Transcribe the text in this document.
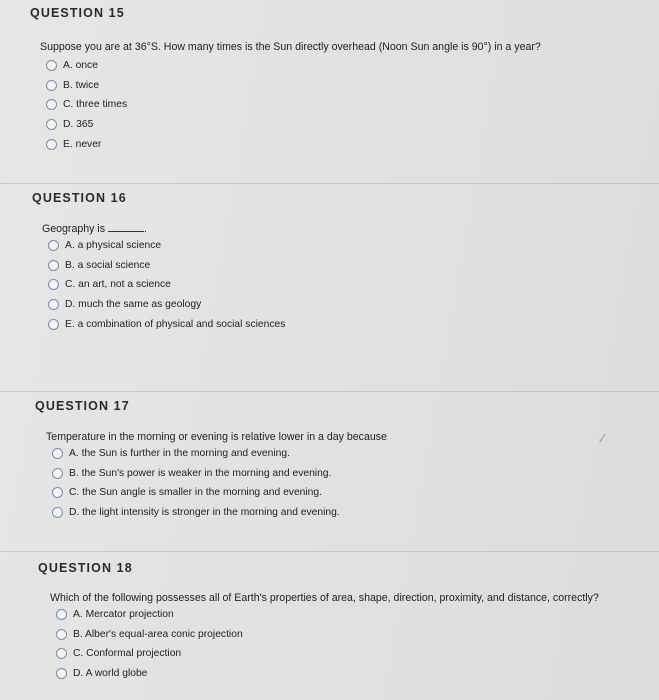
QUESTION 15
Suppose you are at 36°S. How many times is the Sun directly overhead (Noon Sun angle is 90°) in a year?
A. once
B. twice
C. three times
D. 365
E. never
QUESTION 16
Geography is	.
A. a physical science
B. a social science
C. an art, not a science
D. much the same as geology
E. a combination of physical and social sciences
QUESTION 17
Temperature in the morning or evening is relative lower in a day because
A. the Sun is further in the morning and evening.
B. the Sun's power is weaker in the morning and evening.
C. the Sun angle is smaller in the morning and evening.
D. the light intensity is stronger in the morning and evening.
QUESTION 18
Which of the following possesses all of Earth's properties of area, shape, direction, proximity, and distance, correctly?
A. Mercator projection
B. Alber's equal-area conic projection
C. Conformal projection
D. A world globe
